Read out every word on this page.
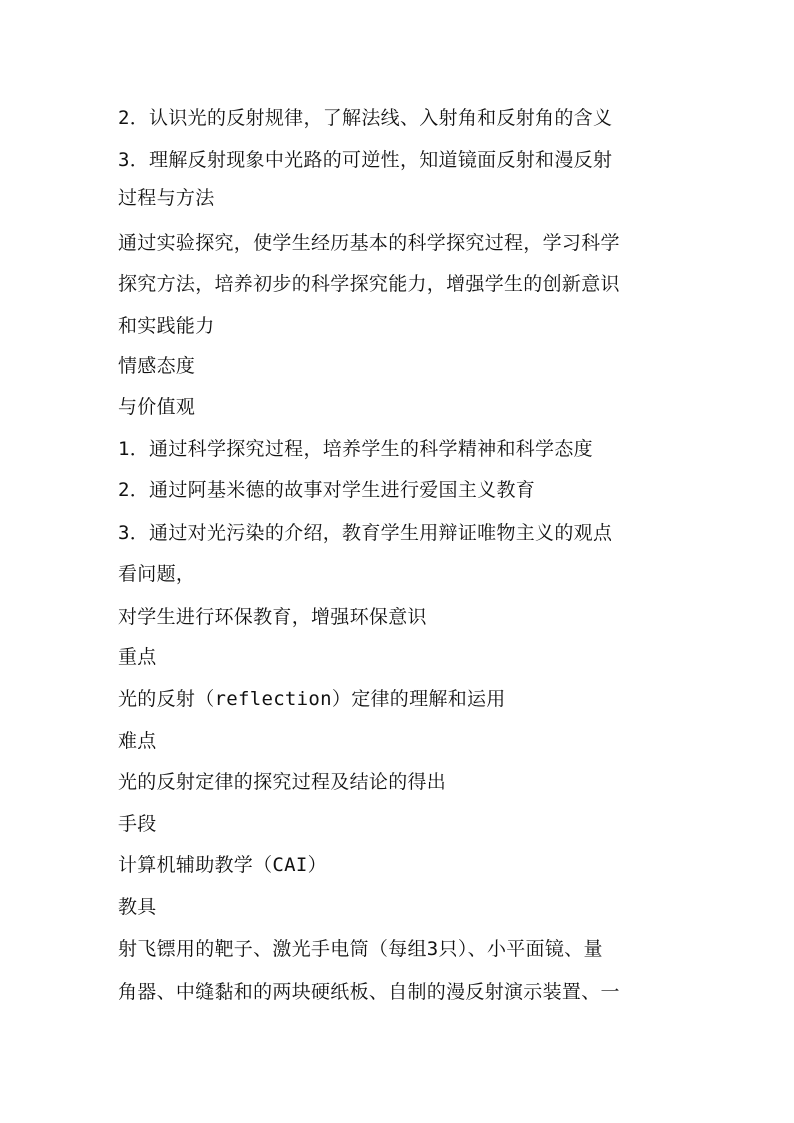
2．认识光的反射规律，了解法线、入射角和反射角的含义
3．理解反射现象中光路的可逆性，知道镜面反射和漫反射
过程与方法
通过实验探究，使学生经历基本的科学探究过程，学习科学
探究方法，培养初步的科学探究能力，增强学生的创新意识
和实践能力
情感态度
与价值观
1．通过科学探究过程，培养学生的科学精神和科学态度
2．通过阿基米德的故事对学生进行爱国主义教育
3．通过对光污染的介绍，教育学生用辩证唯物主义的观点
看问题，
对学生进行环保教育，增强环保意识
重点
光的反射（reflection）定律的理解和运用
难点
光的反射定律的探究过程及结论的得出
手段
计算机辅助教学（CAI）
教具
射飞镖用的靶子、激光手电筒（每组3只）、小平面镜、量
角器、中缝黏和的两块硬纸板、自制的漫反射演示装置、一
